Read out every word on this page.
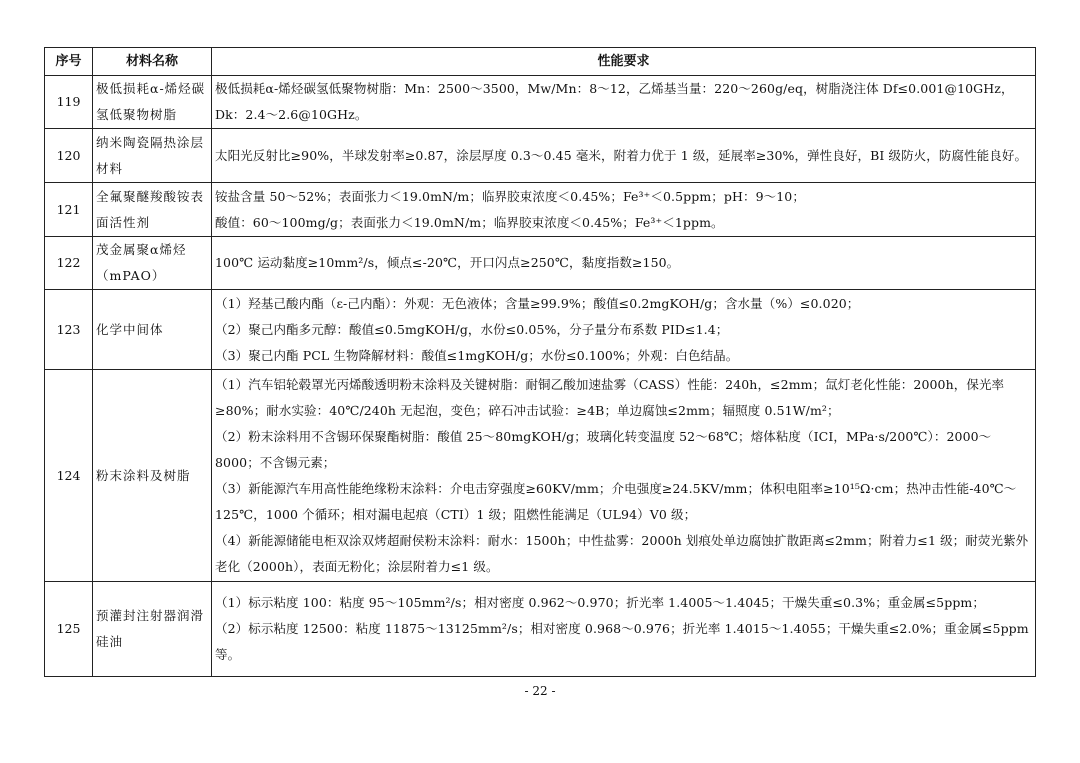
序号	材料名称	性能要求
119	极低损耗α-烯烃碳氢低聚物树脂	极低损耗α-烯烃碳氢低聚物树脂：Mn：2500～3500，Mw/Mn：8～12，乙烯基当量：220～260g/eq，树脂浇注体 Df≤0.001@10GHz，Dk：2.4～2.6@10GHz。

120	纳米陶瓷隔热涂层材料	太阳光反射比≥90%，半球发射率≥0.87，涂层厚度 0.3～0.45 毫米，附着力优于 1 级，延展率≥30%，弹性良好，BI 级防火，防腐性能良好。

121	全氟聚醚羧酸铵表面活性剂	铵盐含量 50～52%；表面张力＜19.0mN/m；临界胶束浓度＜0.45%；Fe³⁺＜0.5ppm；pH：9～10；
酸值：60～100mg/g；表面张力＜19.0mN/m；临界胶束浓度＜0.45%；Fe³⁺＜1ppm。

122	茂金属聚α烯烃（mPAO）	100℃ 运动黏度≥10mm²/s，倾点≤-20℃，开口闪点≥250℃，黏度指数≥150。

123	化学中间体	（1）羟基己酸内酯（ε-己内酯）：外观：无色液体；含量≥99.9%；酸值≤0.2mgKOH/g；含水量（%）≤0.020；
（2）聚己内酯多元醇：酸值≤0.5mgKOH/g，水份≤0.05%，分子量分布系数 PID≤1.4；
（3）聚己内酯 PCL 生物降解材料：酸值≤1mgKOH/g；水份≤0.100%；外观：白色结晶。

124	粉末涂料及树脂	（1）汽车铝轮毂罩光丙烯酸透明粉末涂料及关键树脂：耐铜乙酸加速盐雾（CASS）性能：240h，≤2mm；氙灯老化性能：2000h，保光率≥80%；耐水实验：40℃/240h 无起泡，变色；碎石冲击试验：≥4B；单边腐蚀≤2mm；辐照度 0.51W/m²；
（2）粉末涂料用不含锡环保聚酯树脂：酸值 25～80mgKOH/g；玻璃化转变温度 52～68℃；熔体粘度（ICI，MPa·s/200℃）：2000～8000；不含锡元素；
（3）新能源汽车用高性能绝缘粉末涂料：介电击穿强度≥60KV/mm；介电强度≥24.5KV/mm；体积电阻率≥10¹⁵Ω·cm；热冲击性能-40℃～125℃，1000 个循环；相对漏电起痕（CTI）1 级；阻燃性能满足（UL94）V0 级；
（4）新能源储能电柜双涂双烤超耐侯粉末涂料：耐水：1500h；中性盐雾：2000h 划痕处单边腐蚀扩散距离≤2mm；附着力≤1 级；耐荧光紫外老化（2000h），表面无粉化；涂层附着力≤1 级。

125	预灌封注射器润滑硅油	（1）标示粘度 100：粘度 95～105mm²/s；相对密度 0.962～0.970；折光率 1.4005～1.4045；干燥失重≤0.3%；重金属≤5ppm；
（2）标示粘度 12500：粘度 11875～13125mm²/s；相对密度 0.968～0.976；折光率 1.4015～1.4055；干燥失重≤2.0%；重金属≤5ppm 等。
- 22 -
